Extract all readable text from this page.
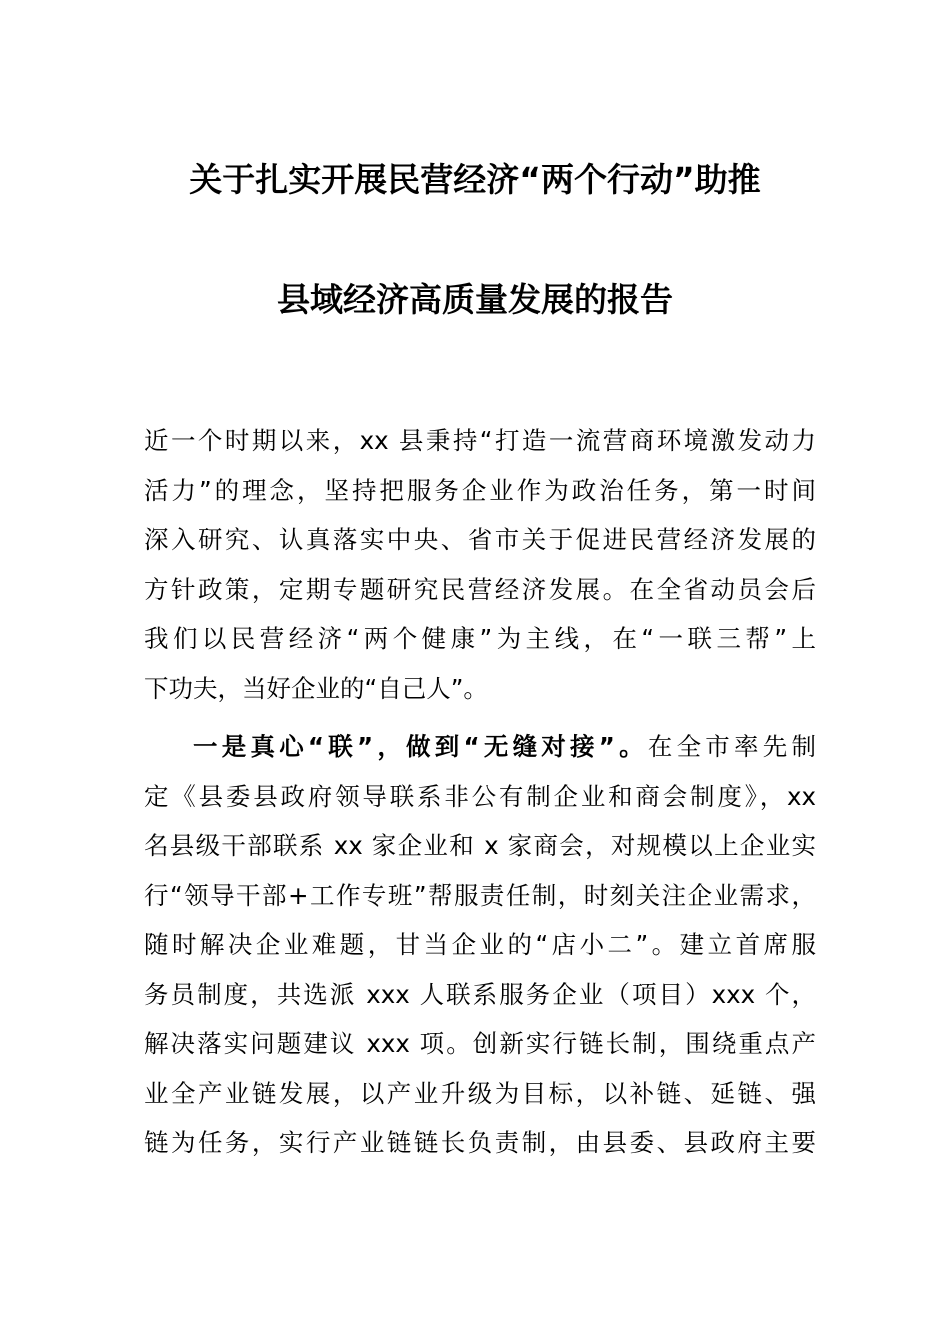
关于扎实开展民营经济“两个行动”助推
县域经济高质量发展的报告
近一个时期以来，xx 县秉持“打造一流营商环境激发动力
活力”的理念，坚持把服务企业作为政治任务，第一时间
深入研究、认真落实中央、省市关于促进民营经济发展的
方针政策，定期专题研究民营经济发展。在全省动员会后
我们以民营经济“两个健康”为主线，在“一联三帮”上
下功夫，当好企业的“自己人”。
一是真心“联”，做到“无缝对接”。在全市率先制
定《县委县政府领导联系非公有制企业和商会制度》，xx
名县级干部联系 xx 家企业和 x 家商会，对规模以上企业实
行“领导干部+工作专班”帮服责任制，时刻关注企业需求，
随时解决企业难题，甘当企业的“店小二”。建立首席服
务员制度，共选派 xxx 人联系服务企业（项目）xxx 个，
解决落实问题建议 xxx 项。创新实行链长制，围绕重点产
业全产业链发展，以产业升级为目标，以补链、延链、强
链为任务，实行产业链链长负责制，由县委、县政府主要
